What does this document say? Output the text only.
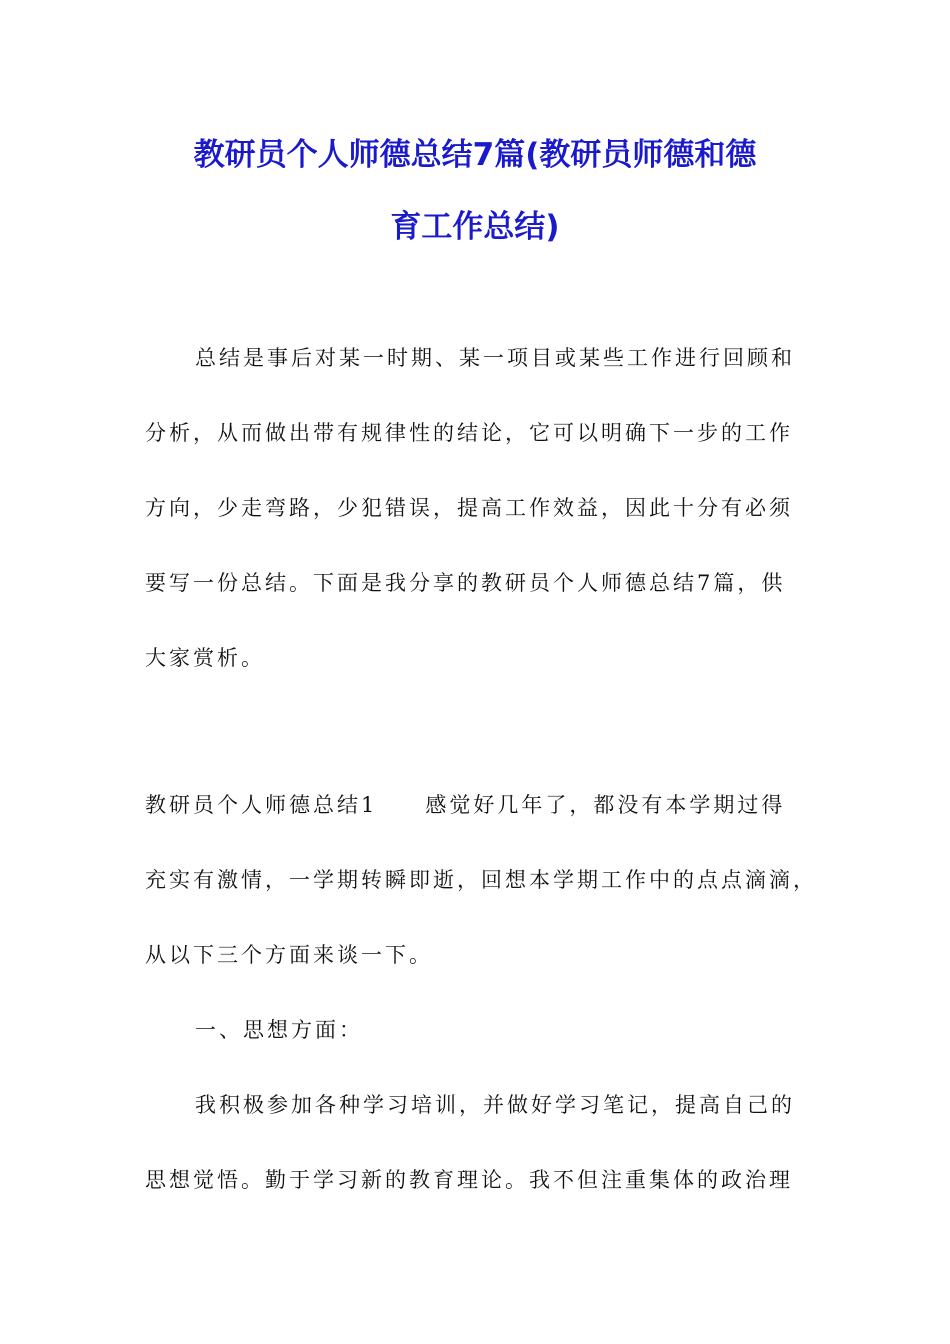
教研员个人师德总结7篇(教研员师德和德
育工作总结)
总结是事后对某一时期、某一项目或某些工作进行回顾和
分析，从而做出带有规律性的结论，它可以明确下一步的工作
方向，少走弯路，少犯错误，提高工作效益，因此十分有必须
要写一份总结。下面是我分享的教研员个人师德总结7篇，供
大家赏析。
教研员个人师德总结1　　感觉好几年了，都没有本学期过得
充实有激情，一学期转瞬即逝，回想本学期工作中的点点滴滴，
从以下三个方面来谈一下。
一、思想方面：
我积极参加各种学习培训，并做好学习笔记，提高自己的
思想觉悟。勤于学习新的教育理论。我不但注重集体的政治理
